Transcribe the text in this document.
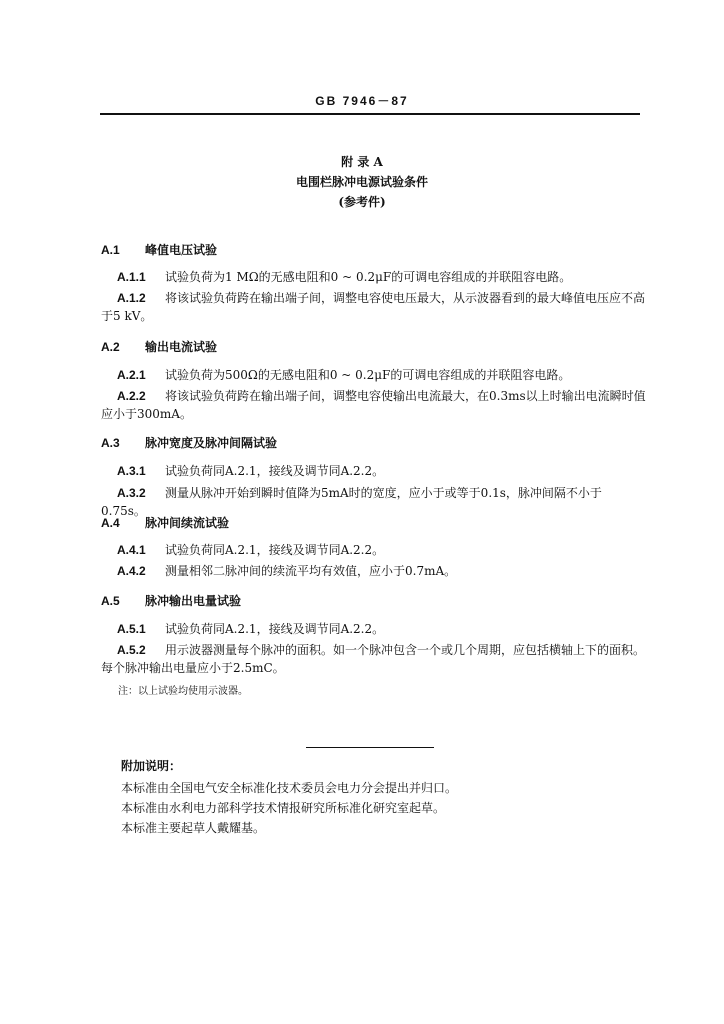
GB 7946－87
附 录 A
电围栏脉冲电源试验条件
(参考件)
A.1 峰值电压试验
A.1.1 试验负荷为1 MΩ的无感电阻和0 ~ 0.2μF的可调电容组成的并联阻容电路。
A.1.2 将该试验负荷跨在输出端子间，调整电容使电压最大，从示波器看到的最大峰值电压应不高于5 kV。
A.2 输出电流试验
A.2.1 试验负荷为500Ω的无感电阻和0 ~ 0.2μF的可调电容组成的并联阻容电路。
A.2.2 将该试验负荷跨在输出端子间，调整电容使输出电流最大，在0.3ms以上时输出电流瞬时值应小于300mA。
A.3 脉冲宽度及脉冲间隔试验
A.3.1 试验负荷同A.2.1，接线及调节同A.2.2。
A.3.2 测量从脉冲开始到瞬时值降为5mA时的宽度，应小于或等于0.1s，脉冲间隔不小于0.75s。
A.4 脉冲间续流试验
A.4.1 试验负荷同A.2.1，接线及调节同A.2.2。
A.4.2 测量相邻二脉冲间的续流平均有效值，应小于0.7mA。
A.5 脉冲输出电量试验
A.5.1 试验负荷同A.2.1，接线及调节同A.2.2。
A.5.2 用示波器测量每个脉冲的面积。如一个脉冲包含一个或几个周期，应包括横轴上下的面积。每个脉冲输出电量应小于2.5mC。
注：以上试验均使用示波器。
附加说明：
本标准由全国电气安全标准化技术委员会电力分会提出并归口。
本标准由水利电力部科学技术情报研究所标准化研究室起草。
本标准主要起草人戴耀基。
